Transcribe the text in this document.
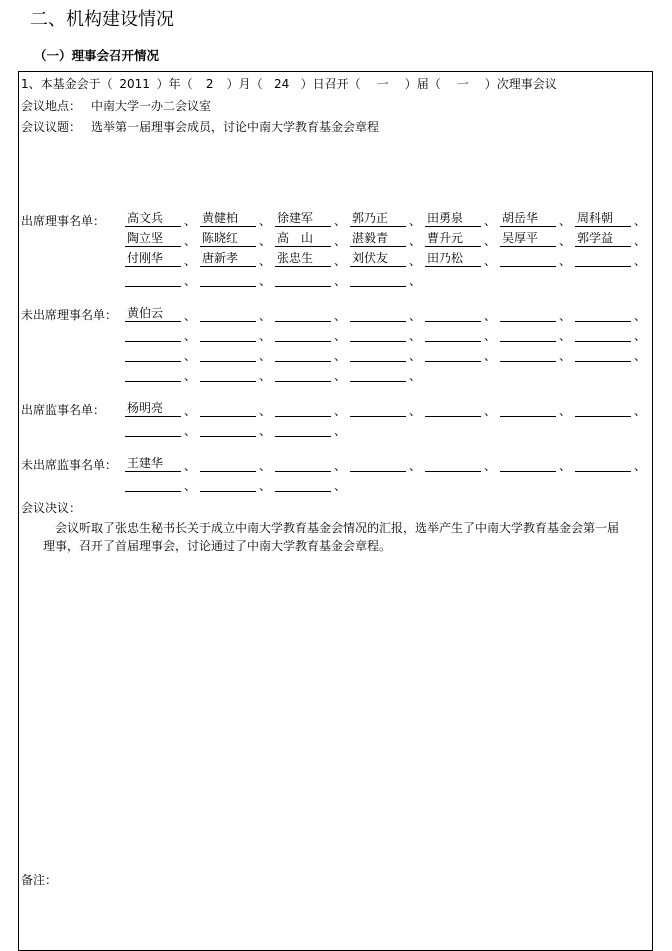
二、机构建设情况
（一）理事会召开情况
1、本基金会于（ 2011 ）年（ 2 ）月（ 24 ）日召开（ 一 ）届（ 一 ）次理事会议
会议地点： 中南大学一办二会议室
会议议题： 选举第一届理事会成员，讨论中南大学教育基金会章程
出席理事名单： 高文兵	、 黄健柏	、 徐建军	、 郭乃正	、 田勇泉	、 胡岳华	、 周科朝	、
陶立坚	、 陈晓红	、 高　山	、 湛毅青	、 曹升元	、 吴厚平	、 郭学益	、
付刚华	、 唐新孝	、 张忠生	、 刘伏友	、 田乃松	、	、	、
、	、	、	、
未出席理事名单： 黄伯云	、	、	、	、	、	、	、
、	、	、	、	、	、	、
、	、	、	、	、	、	、
、	、	、	、
出席监事名单： 杨明亮	、	、	、	、	、	、	、
、	、	、
未出席监事名单： 王建华	、	、	、	、	、	、	、
、	、	、
会议决议：
会议听取了张忠生秘书长关于成立中南大学教育基金会情况的汇报，选举产生了中南大学教育基金会第一届理事，召开了首届理事会，讨论通过了中南大学教育基金会章程。
备注：
